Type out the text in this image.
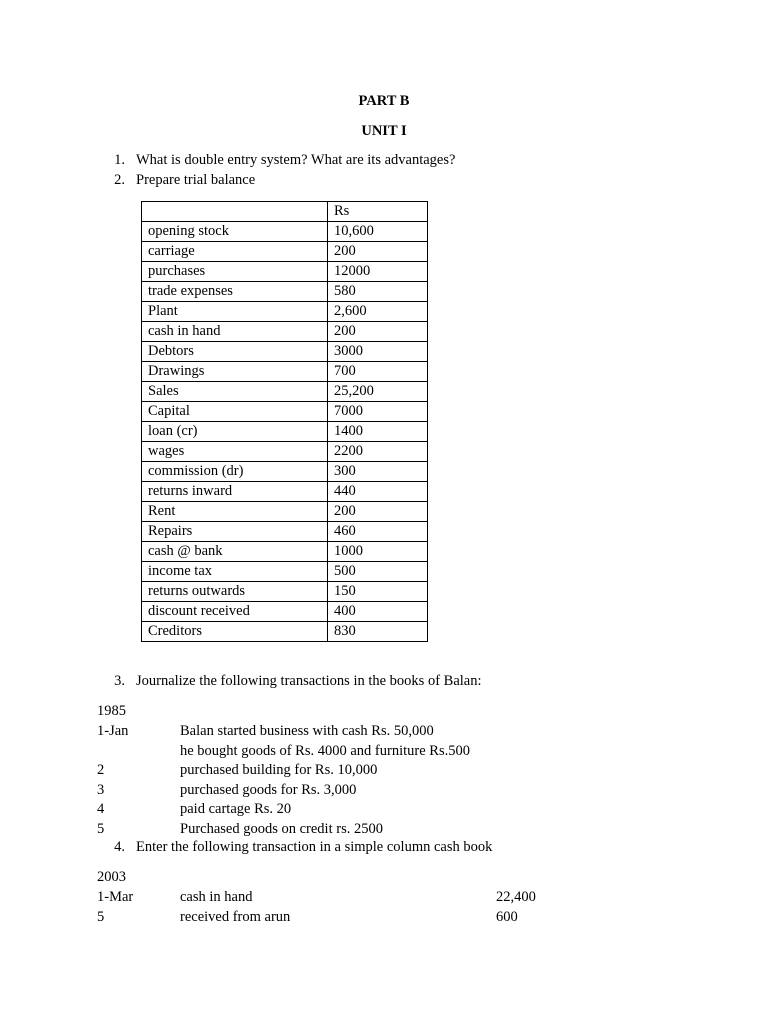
PART B
UNIT I
1. What is double entry system? What are its advantages?
2. Prepare trial balance
	Rs
opening stock	10,600
carriage	200
purchases	12000
trade expenses	580
Plant	2,600
cash in hand	200
Debtors	3000
Drawings	700
Sales	25,200
Capital	7000
loan (cr)	1400
wages	2200
commission (dr)	300
returns inward	440
Rent	200
Repairs	460
cash @ bank	1000
income tax	500
returns outwards	150
discount received	400
Creditors	830
3. Journalize the following transactions in the books of Balan:
1985
1-Jan	Balan started business with cash Rs. 50,000
he bought goods of Rs. 4000 and furniture Rs.500
2	purchased building for Rs. 10,000
3	purchased goods for Rs. 3,000
4	paid cartage Rs. 20
5	Purchased goods on credit rs. 2500
4. Enter the following transaction in a simple column cash book
2003
1-Mar	cash in hand	22,400
5	received from arun	600
